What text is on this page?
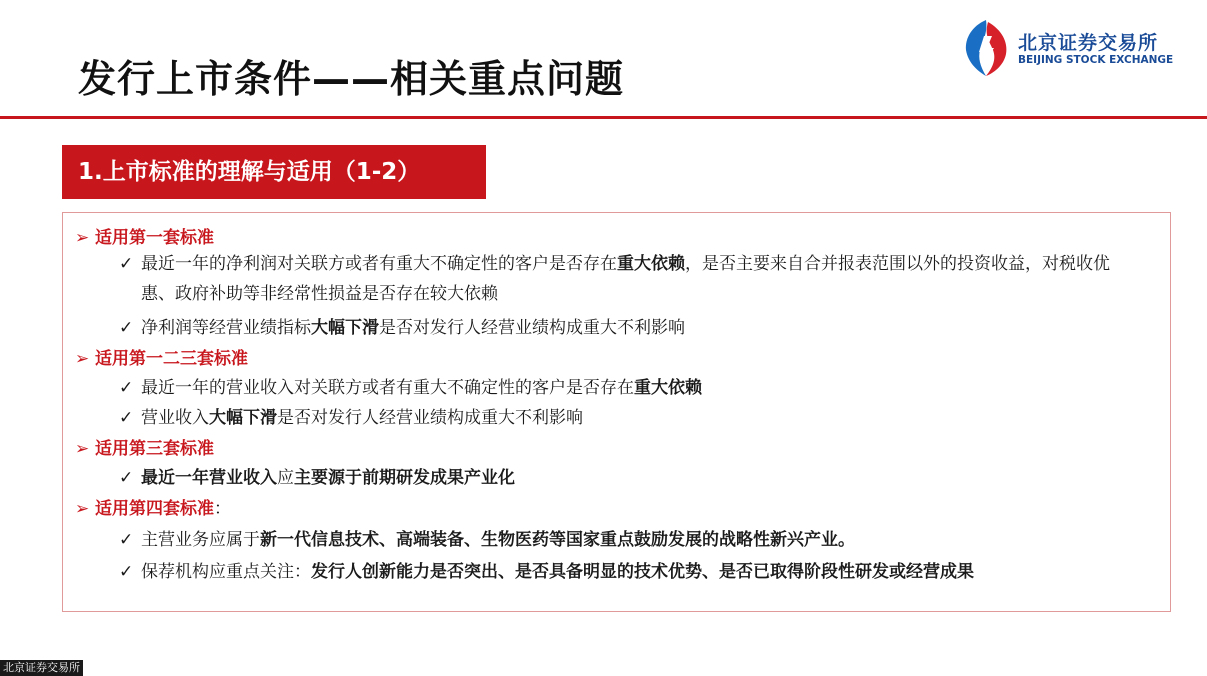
发行上市条件——相关重点问题
北京证券交易所
BEIJING STOCK EXCHANGE
1.上市标准的理解与适用（1-2）
➢ 适用第一套标准
✓ 最近一年的净利润对关联方或者有重大不确定性的客户是否存在重大依赖，是否主要来自合并报表范围以外的投资收益，对税收优惠、政府补助等非经常性损益是否存在较大依赖
✓ 净利润等经营业绩指标大幅下滑是否对发行人经营业绩构成重大不利影响
➢ 适用第一二三套标准
✓ 最近一年的营业收入对关联方或者有重大不确定性的客户是否存在重大依赖
✓ 营业收入大幅下滑是否对发行人经营业绩构成重大不利影响
➢ 适用第三套标准
✓ 最近一年营业收入应主要源于前期研发成果产业化
➢ 适用第四套标准：
✓ 主营业务应属于新一代信息技术、高端装备、生物医药等国家重点鼓励发展的战略性新兴产业。
✓ 保荐机构应重点关注：发行人创新能力是否突出、是否具备明显的技术优势、是否已取得阶段性研发或经营成果
北京证券交易所
